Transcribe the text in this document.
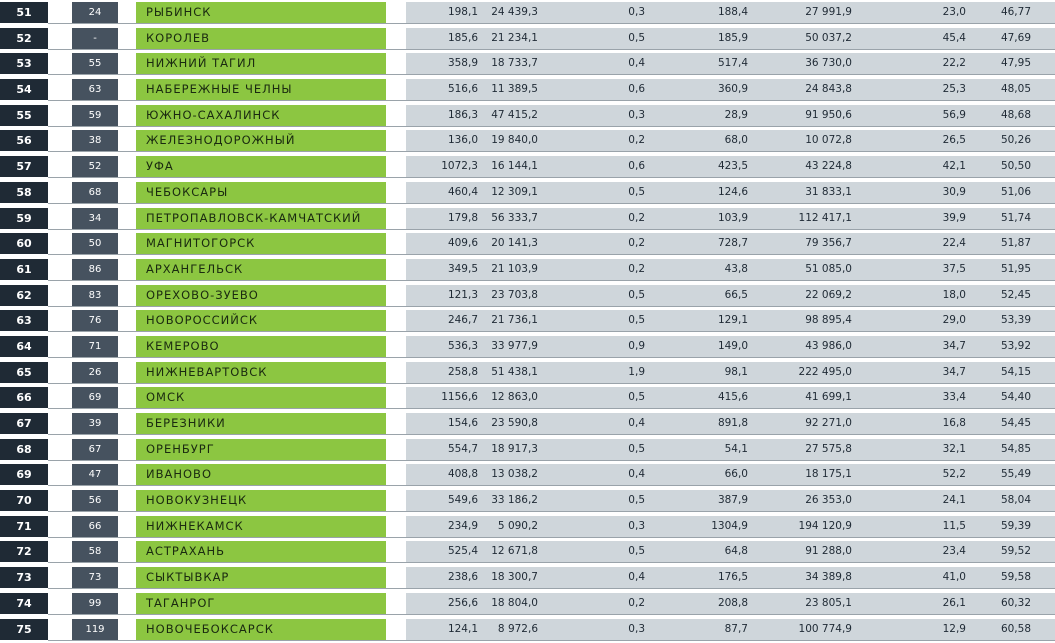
51	24	РЫБИНСК	198,1	24 439,3	0,3	188,4	27 991,9	23,0	46,77
52	-	КОРОЛЕВ	185,6	21 234,1	0,5	185,9	50 037,2	45,4	47,69
53	55	НИЖНИЙ ТАГИЛ	358,9	18 733,7	0,4	517,4	36 730,0	22,2	47,95
54	63	НАБЕРЕЖНЫЕ ЧЕЛНЫ	516,6	11 389,5	0,6	360,9	24 843,8	25,3	48,05
55	59	ЮЖНО-САХАЛИНСК	186,3	47 415,2	0,3	28,9	91 950,6	56,9	48,68
56	38	ЖЕЛЕЗНОДОРОЖНЫЙ	136,0	19 840,0	0,2	68,0	10 072,8	26,5	50,26
57	52	УФА	1072,3	16 144,1	0,6	423,5	43 224,8	42,1	50,50
58	68	ЧЕБОКСАРЫ	460,4	12 309,1	0,5	124,6	31 833,1	30,9	51,06
59	34	ПЕТРОПАВЛОВСК-КАМЧАТСКИЙ	179,8	56 333,7	0,2	103,9	112 417,1	39,9	51,74
60	50	МАГНИТОГОРСК	409,6	20 141,3	0,2	728,7	79 356,7	22,4	51,87
61	86	АРХАНГЕЛЬСК	349,5	21 103,9	0,2	43,8	51 085,0	37,5	51,95
62	83	ОРЕХОВО-ЗУЕВО	121,3	23 703,8	0,5	66,5	22 069,2	18,0	52,45
63	76	НОВОРОССИЙСК	246,7	21 736,1	0,5	129,1	98 895,4	29,0	53,39
64	71	КЕМЕРОВО	536,3	33 977,9	0,9	149,0	43 986,0	34,7	53,92
65	26	НИЖНЕВАРТОВСК	258,8	51 438,1	1,9	98,1	222 495,0	34,7	54,15
66	69	ОМСК	1156,6	12 863,0	0,5	415,6	41 699,1	33,4	54,40
67	39	БЕРЕЗНИКИ	154,6	23 590,8	0,4	891,8	92 271,0	16,8	54,45
68	67	ОРЕНБУРГ	554,7	18 917,3	0,5	54,1	27 575,8	32,1	54,85
69	47	ИВАНОВО	408,8	13 038,2	0,4	66,0	18 175,1	52,2	55,49
70	56	НОВОКУЗНЕЦК	549,6	33 186,2	0,5	387,9	26 353,0	24,1	58,04
71	66	НИЖНЕКАМСК	234,9	5 090,2	0,3	1304,9	194 120,9	11,5	59,39
72	58	АСТРАХАНЬ	525,4	12 671,8	0,5	64,8	91 288,0	23,4	59,52
73	73	СЫКТЫВКАР	238,6	18 300,7	0,4	176,5	34 389,8	41,0	59,58
74	99	ТАГАНРОГ	256,6	18 804,0	0,2	208,8	23 805,1	26,1	60,32
75	119	НОВОЧЕБОКСАРСК	124,1	8 972,6	0,3	87,7	100 774,9	12,9	60,58
